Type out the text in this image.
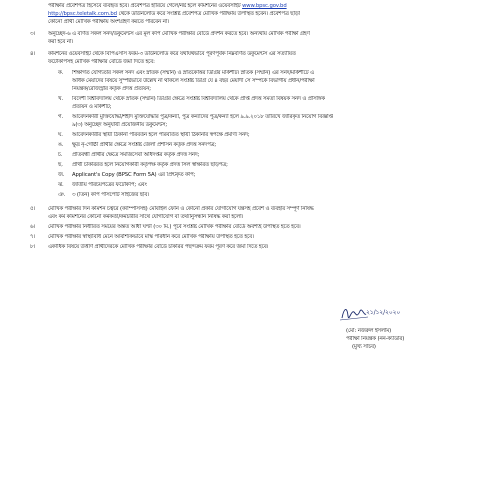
পরীক্ষার প্রবেশপত্র হিসেবে ব্যবহৃত হবে। প্রবেশপত্র হারিয়ে গেলে/নষ্ট হলে কমিশনের ওয়েবসাইট www.bpsc.gov.bd
http://bpsc.teletalk.com.bd থেকে ডাউনলোড করে সংশ্লিষ্ট প্রবেশপত্র মৌখিক পরীক্ষায় উপস্থিত হবেন। প্রবেশপত্র ছাড়া
কোনো প্রার্থী মৌখিক পরীক্ষায় অংশগ্রহণ করতে পারবেন না।
৩। অনুচ্ছেদ-৬ এ বর্ণিত সকল সনদ/ডকুমেন্টস এর মূল কপি মৌখিক পরীক্ষার বোর্ডে প্রদর্শন করতে হবে। অন্যথায় মৌখিক পরীক্ষা গ্রহণ
করা হবে না।
৪। কমিশনের ওয়েবসাইট থেকে বিপিএসসি ফরম-৩ ডাউনলোড করে যথাযথভাবে পূরণপূর্বক নিম্নবর্ণিত ডকুমেন্টস এর সত্যায়িত
ফটোকপিসহ মৌখিক পরীক্ষার বোর্ডে জমা দিতে হবে:
ক. শিক্ষাগত যোগ্যতার সকল সনদ এবং স্নাতক (সম্মান) ও স্নাতকোত্তর ডিগ্রির মার্কশীট। স্নাতক (সম্মান) এর সনদ/মার্কশীটে এ
অধিক মেয়াদের বিষয়ে সুস্পষ্টভাবে উল্লেখ না থাকলে সংশ্লিষ্ট ডিগ্রি যে ৪ বছর মেয়াদী সে সম্পর্কে বিভাগীয় প্রধান/পরীক্ষা
নিয়ন্ত্রক/রেজিস্ট্রার কর্তৃক প্রদত্ত প্রত্যয়ন;
খ. বিদেশী বিশ্ববিদ্যালয় থেকে স্নাতক (সম্মান) ডিগ্রির ক্ষেত্রে সংশ্লিষ্ট বিশ্ববিদ্যালয় থেকে প্রাপ্ত প্রদত্ত সমতা বিষয়ক সনদ ও প্রাসঙ্গিক
প্রত্যয়ন ও মার্কশীট;
গ. আবেদনকারী মুক্তিযোদ্ধা/শহীদ মুক্তিযোদ্ধার পুত্র/কন্যা, পুত্র কন্যাদের পুত্র/কন্যা হলে ৯.৯.২০১৮ তারিখে জারিকৃত নিয়োগ বিজ্ঞপ্তি
৯(৩) অনুচ্ছেদ অনুযায়ী প্রয়োজনীয় ডকুমেন্টস;
ঘ. আবেদনকারীর স্থায়ী ঠিকানা পরিবর্তন হলে পরিবর্তিত স্থায়ী ঠিকানার স্বপক্ষে প্রমাণ্য সনদ;
ঙ. ক্ষুদ্র নৃ-গোষ্ঠী প্রার্থীর ক্ষেত্রে সংশ্লিষ্ট জেলা প্রশাসন কর্তৃক প্রদত্ত সনদপত্র;
চ. প্রতিবন্ধী প্রার্থীর ক্ষেত্রে সমাজসেবা অধিদপ্তর কর্তৃক প্রদত্ত সনদ;
ছ. প্রার্থী চাকরিরত হলে নিয়োগকারী কর্তৃপক্ষ কর্তৃক প্রদত্ত সিল স্বাক্ষরিত ছাড়পত্র;
জ. Applicant's Copy (BPSC Form 5A) এর প্রিন্টকৃত কপি;
ঝ. জাতীয় পরিচয়পত্রের ফটোকপি; এবং
ঞ. ৩ (তিন) কপি পাসপোর্ট সাইজের ছবি।
৫। মৌখিক পরীক্ষার দিন কমিশন চত্বরে (ক্যাম্পাসসহ) মোবাইল ফোন ও কোনো প্রকার যোগাযোগ যন্ত্রসহ প্রবেশ ও ব্যবহার সম্পূর্ণ নিষিদ্ধ
এবং কর্ম কমিশনের কোনো কর্মকর্তা/কর্মচারীর সাথে যোগাযোগ বা তথ্যানুসন্ধান নিষিদ্ধ করা হলো।
৬। মৌখিক পরীক্ষার নির্ধারিত সময়ের অন্তত আধা ঘণ্টা (৩০ মি.) পূর্বে সংশ্লিষ্ট মৌখিক পরীক্ষার বোর্ডে অবশ্যই উপস্থিত হতে হবে।
৭। মৌখিক পরীক্ষার স্বাস্থ্যবিধি মেনে আবশ্যিকভাবে মাস্ক পরিধান করে মৌখিক পরীক্ষায় উপস্থিত হতে হবে।
৮। একাধিক বিষয়ে উত্তীর্ণ প্রার্থীদেরকে মৌখিক পরীক্ষার বোর্ডে চাকরির পছন্দক্রম ফরম পূরণ করে জমা দিতে হবে।
২১/১২/২০২০
(মো: নজরুল ইসলাম)
পরীক্ষা নিয়ন্ত্রক (নন-ক্যাডার)
(মুখ্য সচিব)
